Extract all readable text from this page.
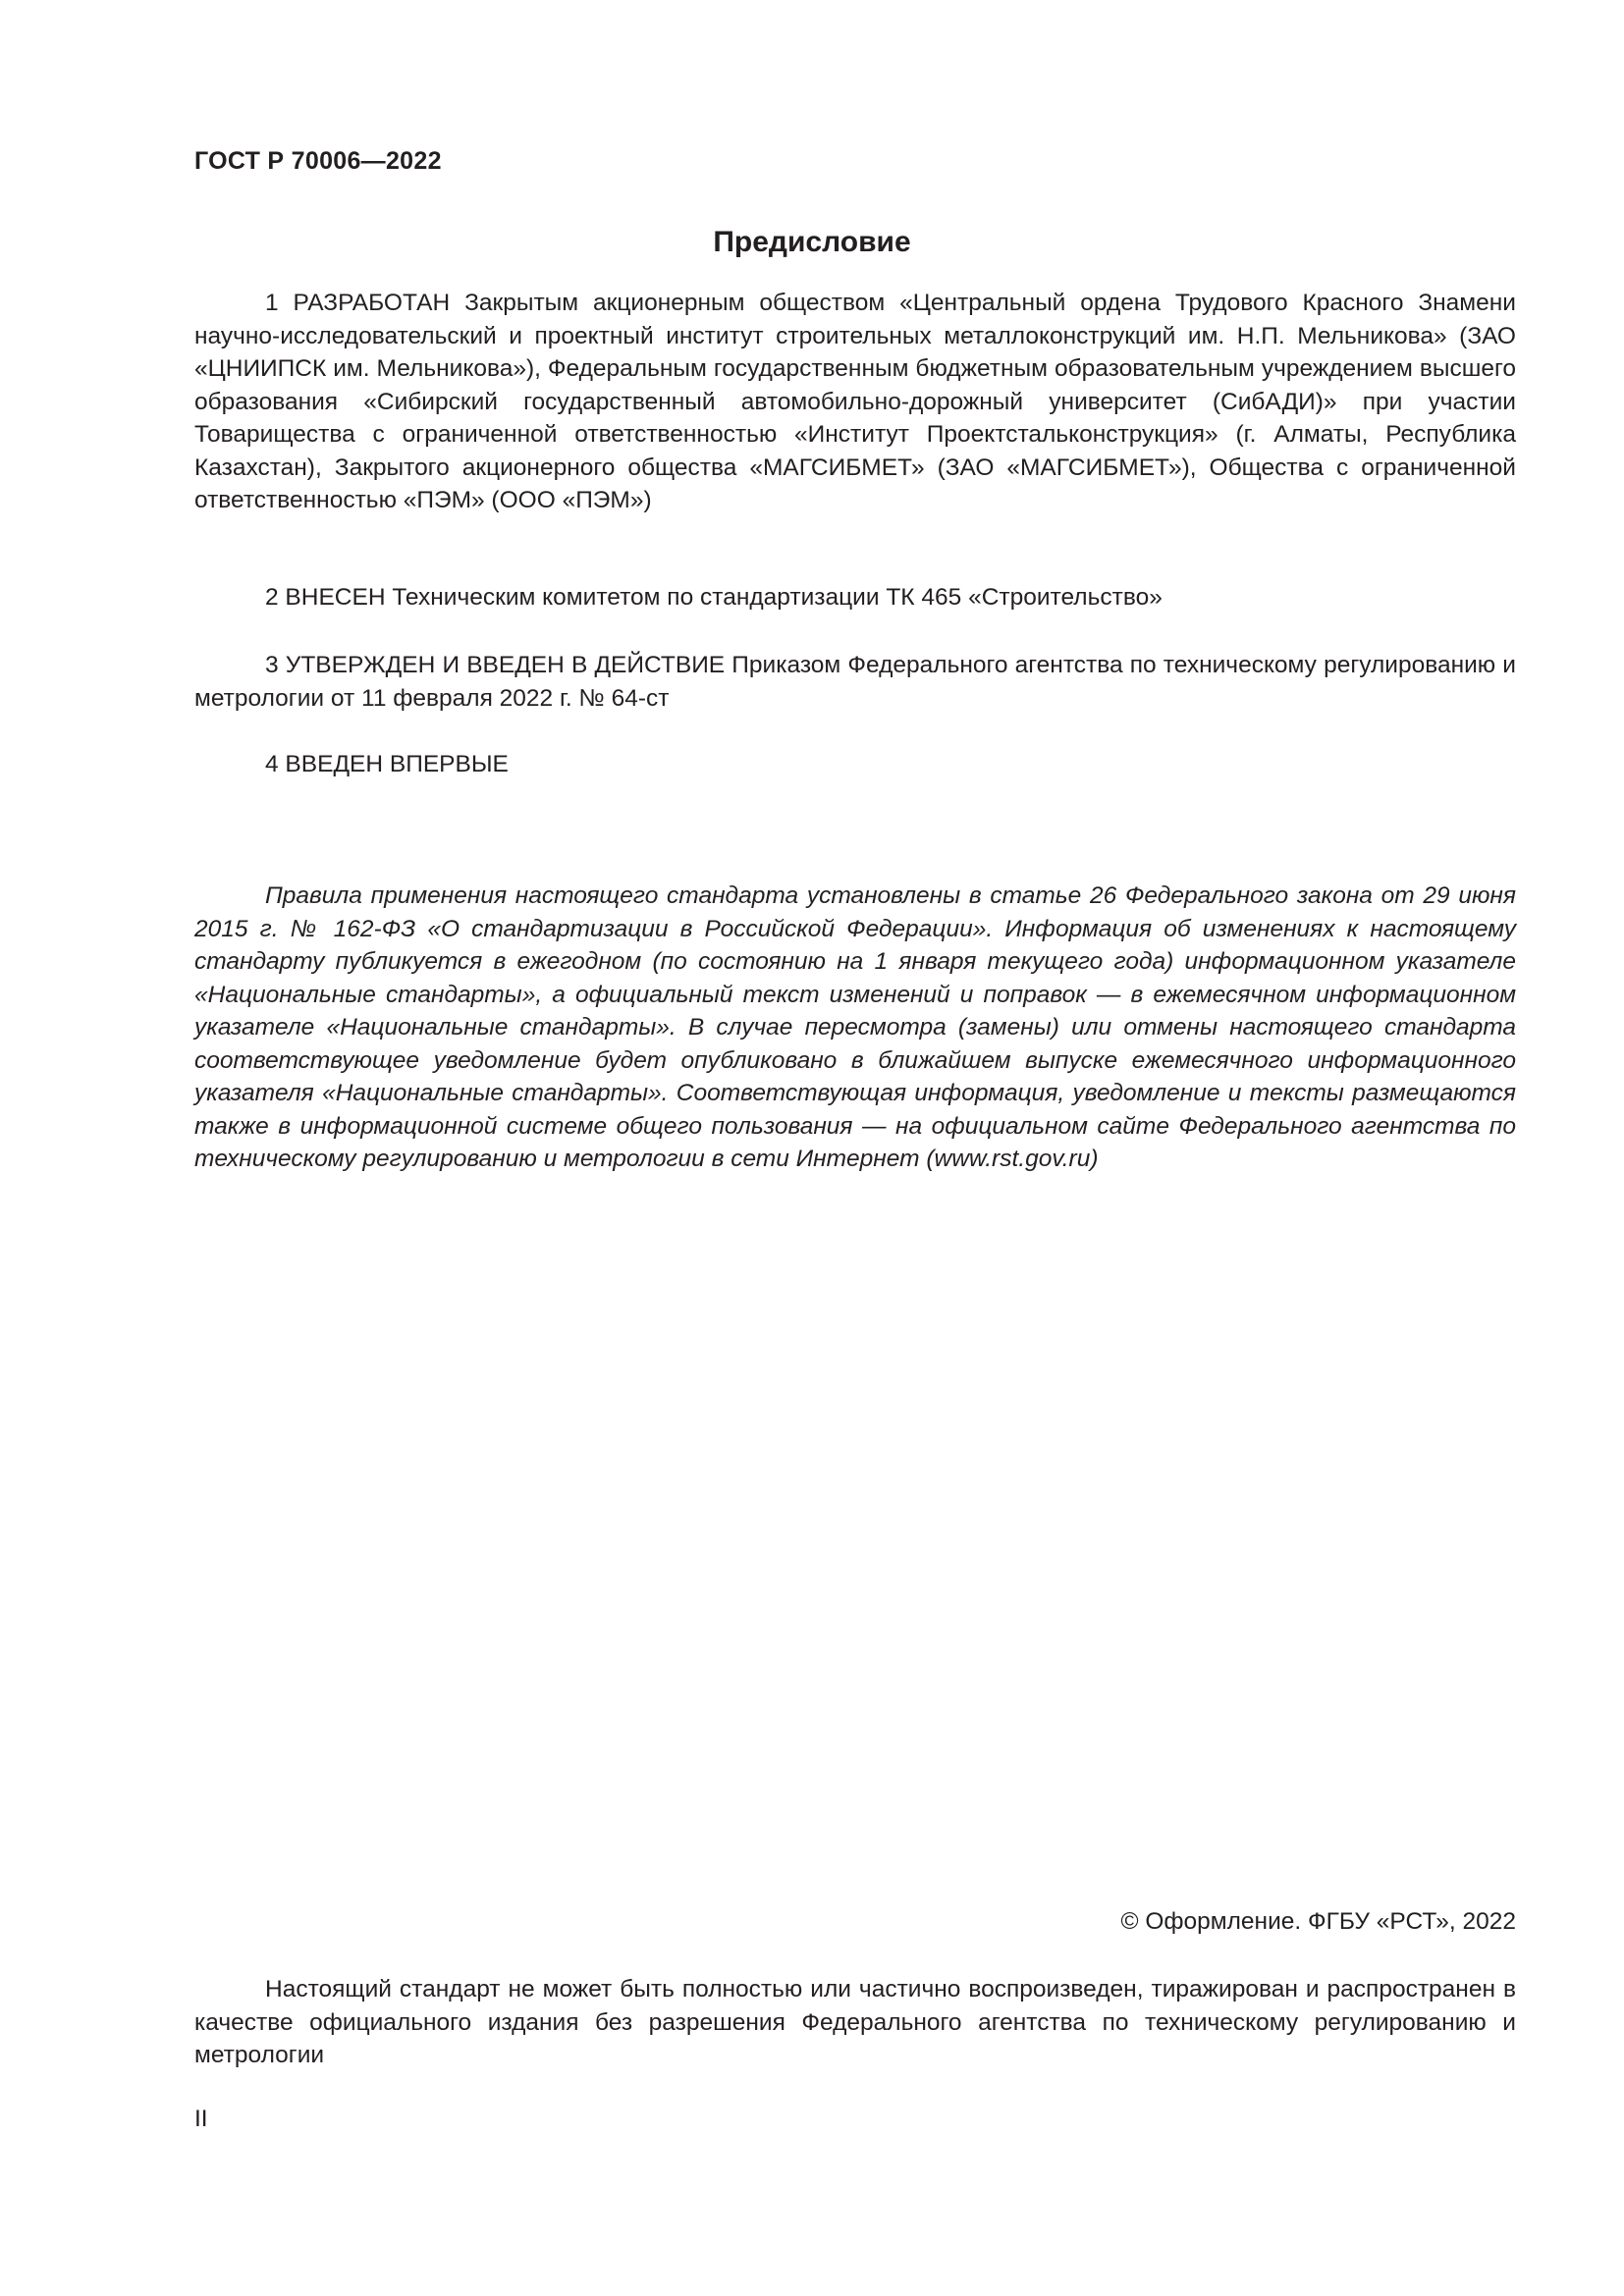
ГОСТ Р 70006—2022
Предисловие

1 РАЗРАБОТАН Закрытым акционерным обществом «Центральный ордена Трудового Красного Знамени научно-исследовательский и проектный институт строительных металлоконструкций им. Н.П. Мельникова» (ЗАО «ЦНИИПСК им. Мельникова»), Федеральным государственным бюджетным образовательным учреждением высшего образования «Сибирский государственный автомобильно-дорожный университет (СибАДИ)» при участии Товарищества с ограниченной ответственностью «Институт Проектстальконструкция» (г. Алматы, Республика Казахстан), Закрытого акционерного общества «МАГСИБМЕТ» (ЗАО «МАГСИБМЕТ»), Общества с ограниченной ответственностью «ПЭМ» (ООО «ПЭМ»)

2 ВНЕСЕН Техническим комитетом по стандартизации ТК 465 «Строительство»

3 УТВЕРЖДЕН И ВВЕДЕН В ДЕЙСТВИЕ Приказом Федерального агентства по техническому регулированию и метрологии от 11 февраля 2022 г. № 64-ст

4 ВВЕДЕН ВПЕРВЫЕ

Правила применения настоящего стандарта установлены в статье 26 Федерального закона от 29 июня 2015 г. № 162-ФЗ «О стандартизации в Российской Федерации». Информация об изменениях к настоящему стандарту публикуется в ежегодном (по состоянию на 1 января текущего года) информационном указателе «Национальные стандарты», а официальный текст изменений и поправок — в ежемесячном информационном указателе «Национальные стандарты». В случае пересмотра (замены) или отмены настоящего стандарта соответствующее уведомление будет опубликовано в ближайшем выпуске ежемесячного информационного указателя «Национальные стандарты». Соответствующая информация, уведомление и тексты размещаются также в информационной системе общего пользования — на официальном сайте Федерального агентства по техническому регулированию и метрологии в сети Интернет (www.rst.gov.ru)

© Оформление. ФГБУ «РСТ», 2022

Настоящий стандарт не может быть полностью или частично воспроизведен, тиражирован и распространен в качестве официального издания без разрешения Федерального агентства по техническому регулированию и метрологии

II
